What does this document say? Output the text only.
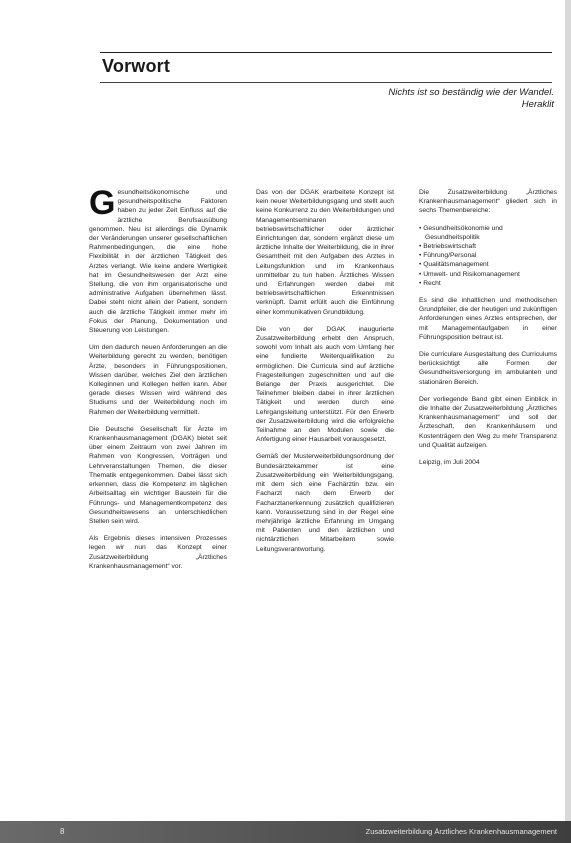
Vorwort
Nichts ist so beständig wie der Wandel.
Heraklit

Gesundheitsökonomische und gesundheitspolitische Faktoren haben zu jeder Zeit Einfluss auf die ärztliche Berufsausübung genommen. Neu ist allerdings die Dynamik der Veränderungen unserer gesellschaftlichen Rahmenbedingungen, die eine hohe Flexibilität in der ärztlichen Tätigkeit des Arztes verlangt. Wie keine andere Wertigkeit hat im Gesundheitswesen der Arzt eine Stellung, die von ihm organisatorische und administrative Aufgaben übernehmen lässt. Dabei steht nicht allein der Patient, sondern auch die ärztliche Tätigkeit immer mehr im Fokus der Planung, Dokumentation und Steuerung von Leistungen.

Um den dadurch neuen Anforderungen an die Weiterbildung gerecht zu werden, benötigen Ärzte, besonders in Führungspositionen, Wissen darüber, welches Ziel den ärztlichen Kolleginnen und Kollegen helfen kann. Aber gerade dieses Wissen wird während des Studiums und der Weiterbildung noch im Rahmen der Weiterbildung vermittelt.

Die Deutsche Gesellschaft für Ärzte im Krankenhausmanagement (DGAK) bietet seit über einem Zeitraum von zwei Jahren im Rahmen von Kongressen, Vorträgen und Lehrveranstaltungen Themen, die dieser Thematik entgegenkommen. Dabei lässt sich erkennen, dass die Kompetenz im täglichen Arbeitsalltag ein wichtiger Baustein für die Führungs- und Managementkompetenz des Gesundheitswesens an unterschiedlichen Stellen sein wird.

Als Ergebnis dieses intensiven Prozesses legen wir nun das Konzept einer Zusatzweiterbildung „Ärztliches Krankenhausmanagement“ vor.

Das von der DGAK erarbeitete Konzept ist kein neuer Weiterbildungsgang und stellt auch keine Konkurrenz zu den Weiterbildungen und Managementseminaren betriebswirtschaftlicher oder ärztlicher Einrichtungen dar, sondern ergänzt diese um ärztliche Inhalte der Weiterbildung, die in ihrer Gesamtheit mit den Aufgaben des Arztes in Leitungsfunktion und im Krankenhaus unmittelbar zu tun haben. Ärztliches Wissen und Erfahrungen werden dabei mit betriebswirtschaftlichen Erkenntnissen verknüpft. Damit erfüllt auch die Einführung einer kommunikativen Grundbildung.

Die von der DGAK inaugurierte Zusatzweiterbildung erhebt den Anspruch, sowohl vom Inhalt als auch vom Umfang her eine fundierte Weiterqualifikation zu ermöglichen. Die Curricula sind auf ärztliche Fragestellungen zugeschnitten und auf die Belange der Praxis ausgerichtet. Die Teilnehmer bleiben dabei in ihrer ärztlichen Tätigkeit und werden durch eine Lehrgangsleitung unterstützt. Für den Erwerb der Zusatzweiterbildung wird die erfolgreiche Teilnahme an den Modulen sowie die Anfertigung einer Hausarbeit vorausgesetzt.

Gemäß der Musterweiterbildungsordnung der Bundesärztekammer ist eine Zusatzweiterbildung ein Weiterbildungsgang, mit dem sich eine Fachärztin bzw. ein Facharzt nach dem Erwerb der Facharztanerkennung zusätzlich qualifizieren kann. Voraussetzung sind in der Regel eine mehrjährige ärztliche Erfahrung im Umgang mit Patienten und den ärztlichen und nichtärztlichen Mitarbeitern sowie Leitungsverantwortung.

Die Zusatzweiterbildung „Ärztliches Krankenhausmanagement“ gliedert sich in sechs Themenbereiche:

• Gesundheitsökonomie und Gesundheitspolitik
• Betriebswirtschaft
• Führung/Personal
• Qualitätsmanagement
• Umwelt- und Risikomanagement
• Recht

Es sind die inhaltlichen und methodischen Grundpfeiler, die der heutigen und zukünftigen Anforderungen eines Arztes entsprechen, der mit Managementaufgaben in einer Führungsposition betraut ist.

Die curriculare Ausgestaltung des Curriculums berücksichtigt alle Formen der Gesundheitsversorgung im ambulanten und stationären Bereich.

Der vorliegende Band gibt einen Einblick in die Inhalte der Zusatzweiterbildung „Ärztliches Krankenhausmanagement“ und soll der Ärzteschaft, den Krankenhäusern und Kostenträgern den Weg zu mehr Transparenz und Qualität aufzeigen.

Leipzig, im Juli 2004

8	Zusatzweiterbildung Ärztliches Krankenhausmanagement
